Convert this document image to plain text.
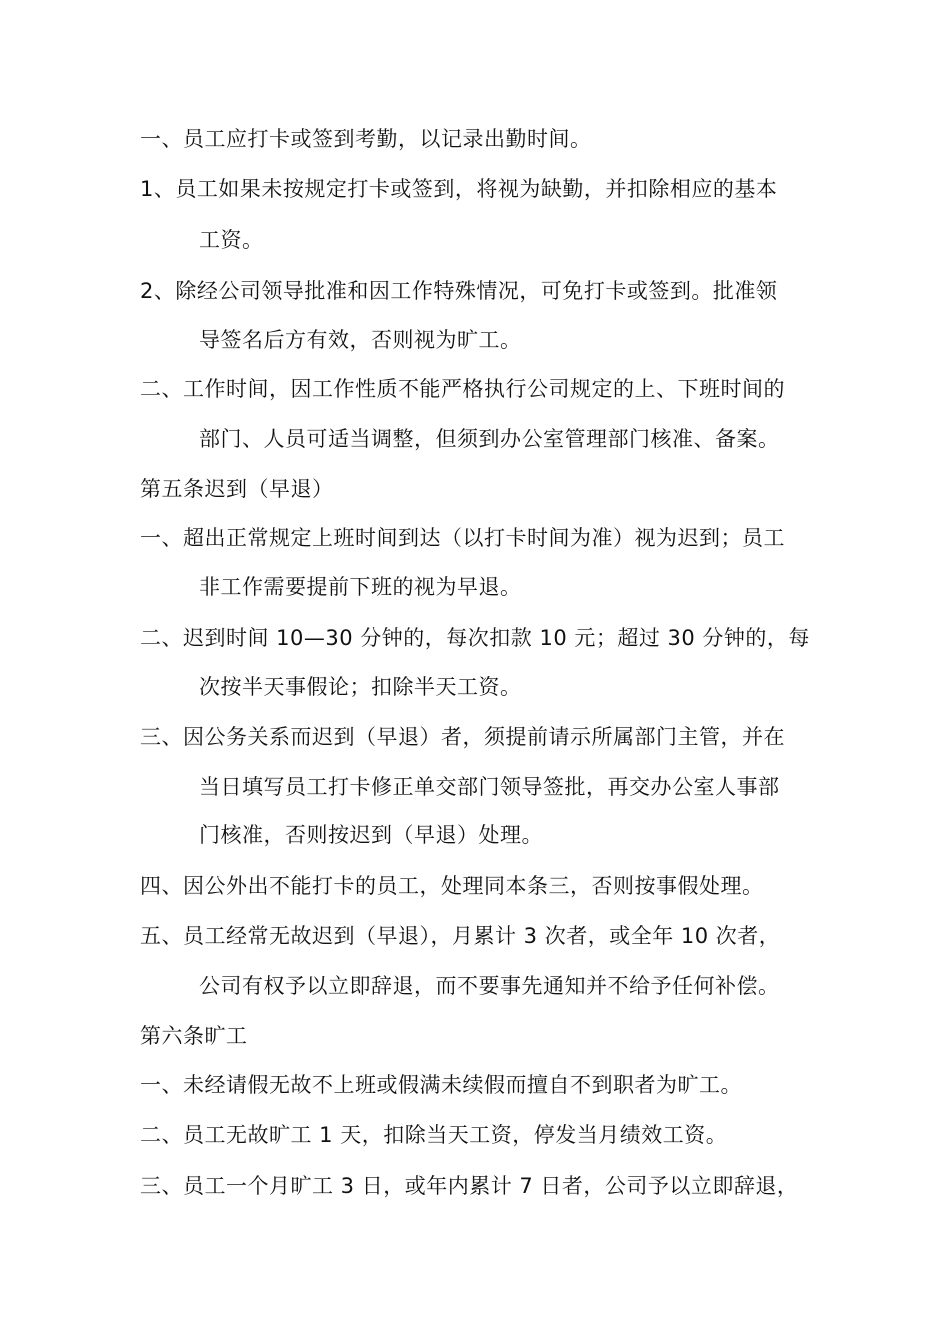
一、员工应打卡或签到考勤，以记录出勤时间。
1、员工如果未按规定打卡或签到，将视为缺勤，并扣除相应的基本
工资。
2、除经公司领导批准和因工作特殊情况，可免打卡或签到。批准领
导签名后方有效，否则视为旷工。
二、工作时间，因工作性质不能严格执行公司规定的上、下班时间的
部门、人员可适当调整，但须到办公室管理部门核准、备案。
第五条迟到（早退）
一、超出正常规定上班时间到达（以打卡时间为准）视为迟到；员工
非工作需要提前下班的视为早退。
二、迟到时间 10—30 分钟的，每次扣款 10 元；超过 30 分钟的，每
次按半天事假论；扣除半天工资。
三、因公务关系而迟到（早退）者，须提前请示所属部门主管，并在
当日填写员工打卡修正单交部门领导签批，再交办公室人事部
门核准，否则按迟到（早退）处理。
四、因公外出不能打卡的员工，处理同本条三，否则按事假处理。
五、员工经常无故迟到（早退），月累计 3 次者，或全年 10 次者，
公司有权予以立即辞退，而不要事先通知并不给予任何补偿。
第六条旷工
一、未经请假无故不上班或假满未续假而擅自不到职者为旷工。
二、员工无故旷工 1 天，扣除当天工资，停发当月绩效工资。
三、员工一个月旷工 3 日，或年内累计 7 日者，公司予以立即辞退，
